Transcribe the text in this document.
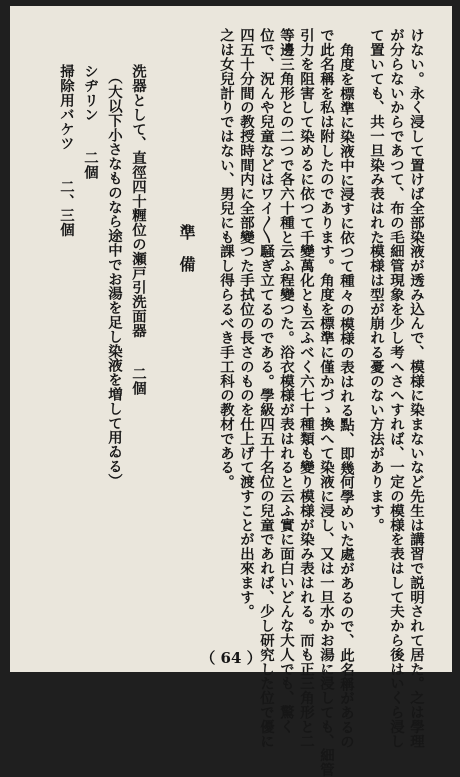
けない。永く浸して置けば全部染液が透み込んで、模様に染まないなど先生は講習で説明されて居た。之は學理
が分らないからであつて、布の毛細管現象を少し考へさへすれば、一定の模様を表はして夫から後はいくら浸し
て置いても、共一旦染み表はれた模様は型が崩れる憂のない方法があります。
角度を標準に染液中に浸すに依つて種々の模様の表はれる點、即幾何學めいた處があるので、此名稱があるの
で此名稱を私は附したのであります。角度を標準に僅かづゝ換へて染液に浸し、又は一旦水かお湯に浸しても、細管
引力を阻害して染めるに依つて千變萬化とも云ふべく六七十種類も變り模様が染み表はれる。而も正三角形と二
等邊三角形との二つで各六十種と云ふ程變つた。浴衣模様が表はれると云ふ實に面白いどんな大人でも、驚く
位で、況んや兒童などはワイ〳〵騒ぎ立てるのである。學級四五十名位の兒童であれば、少し研究した位で優に
四五十分間の教授時間内に全部變つた手拭位の長さのものを仕上げて渡すことが出來ます。
之は女兒計りではない、男兒にも課し得らるべき手工科の教材である。
準　備
洗器として、直徑四十糎位の瀬戸引洗面器　　二個
（大以下小さなものなら途中でお湯を足し染液を増して用ゐる）
シヂリン　　二個
掃除用バケツ　　二、三個
（ 64 ）
